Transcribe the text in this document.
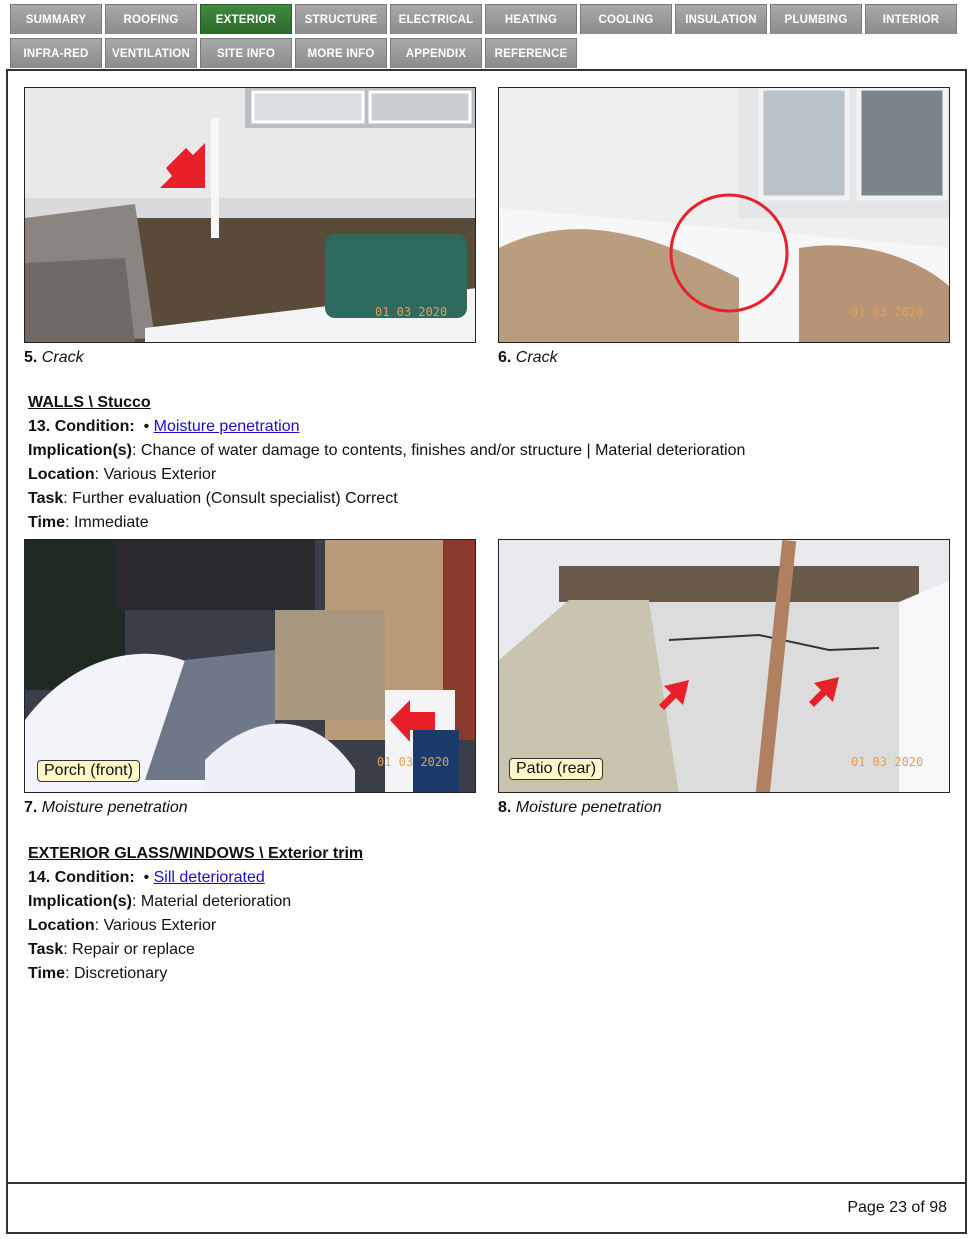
SUMMARY	ROOFING	EXTERIOR	STRUCTURE	ELECTRICAL	HEATING	COOLING	INSULATION	PLUMBING	INTERIOR
INFRA-RED	VENTILATION	SITE INFO	MORE INFO	APPENDIX	REFERENCE
01 03 2020
5. Crack
01 03 2020
6. Crack
WALLS \ Stucco
13. Condition:  • Moisture penetration
Implication(s): Chance of water damage to contents, finishes and/or structure | Material deterioration
Location: Various Exterior
Task: Further evaluation (Consult specialist) Correct
Time: Immediate
01 03 2020
Porch (front)
7. Moisture penetration
01 03 2020
Patio (rear)
8. Moisture penetration
EXTERIOR GLASS/WINDOWS \ Exterior trim
14. Condition:  • Sill deteriorated
Implication(s): Material deterioration
Location: Various Exterior
Task: Repair or replace
Time: Discretionary
Page 23 of 98
